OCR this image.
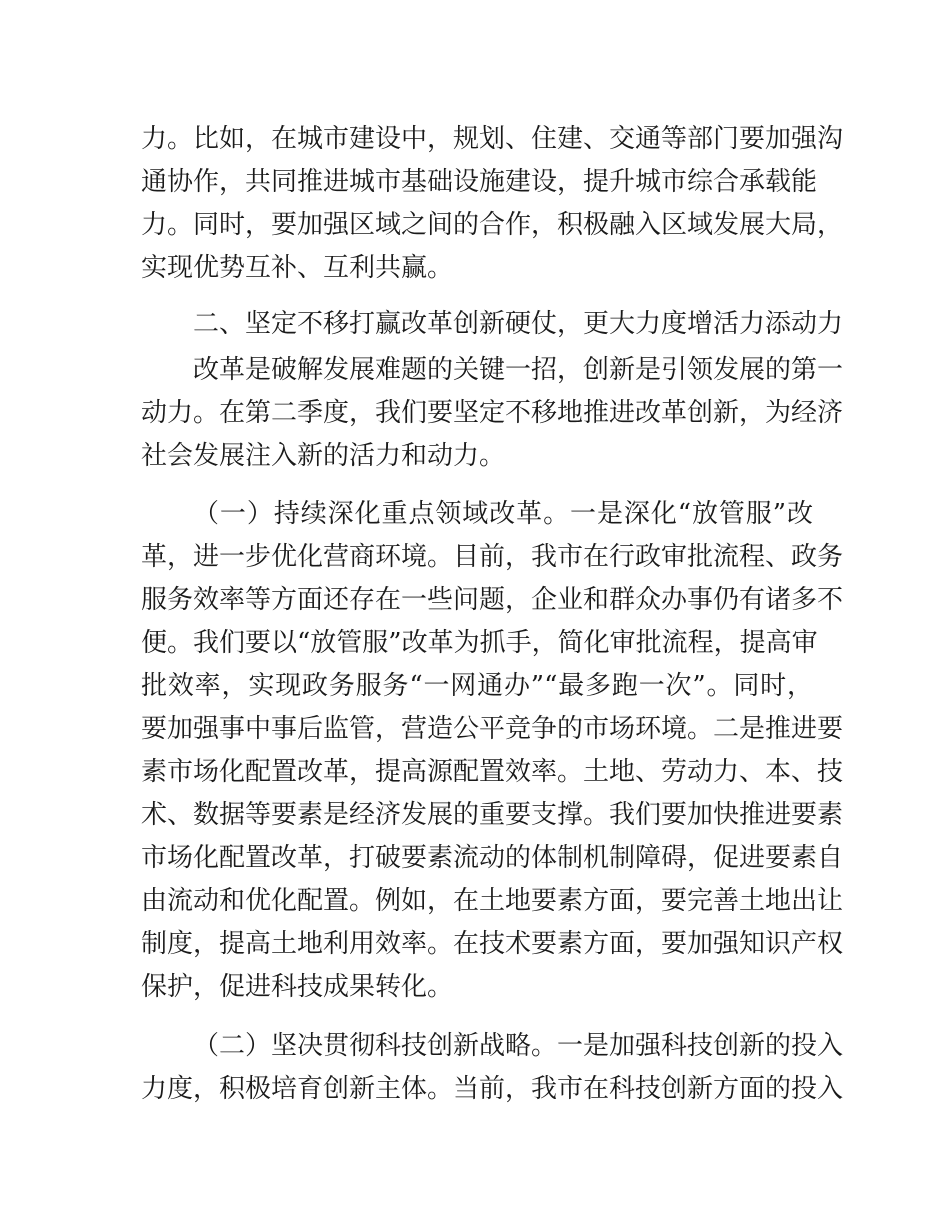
力。比如，在城市建设中，规划、住建、交通等部门要加强沟
通协作，共同推进城市基础设施建设，提升城市综合承载能
力。同时，要加强区域之间的合作，积极融入区域发展大局，
实现优势互补、互利共赢。
二、坚定不移打赢改革创新硬仗，更大力度增活力添动力
改革是破解发展难题的关键一招，创新是引领发展的第一
动力。在第二季度，我们要坚定不移地推进改革创新，为经济
社会发展注入新的活力和动力。
（一）持续深化重点领域改革。一是深化“放管服”改
革，进一步优化营商环境。目前，我市在行政审批流程、政务
服务效率等方面还存在一些问题，企业和群众办事仍有诸多不
便。我们要以“放管服”改革为抓手，简化审批流程，提高审
批效率，实现政务服务“一网通办”“最多跑一次”。同时，
要加强事中事后监管，营造公平竞争的市场环境。二是推进要
素市场化配置改革，提高源配置效率。土地、劳动力、本、技
术、数据等要素是经济发展的重要支撑。我们要加快推进要素
市场化配置改革，打破要素流动的体制机制障碍，促进要素自
由流动和优化配置。例如，在土地要素方面，要完善土地出让
制度，提高土地利用效率。在技术要素方面，要加强知识产权
保护，促进科技成果转化。
（二）坚决贯彻科技创新战略。一是加强科技创新的投入
力度，积极培育创新主体。当前，我市在科技创新方面的投入
